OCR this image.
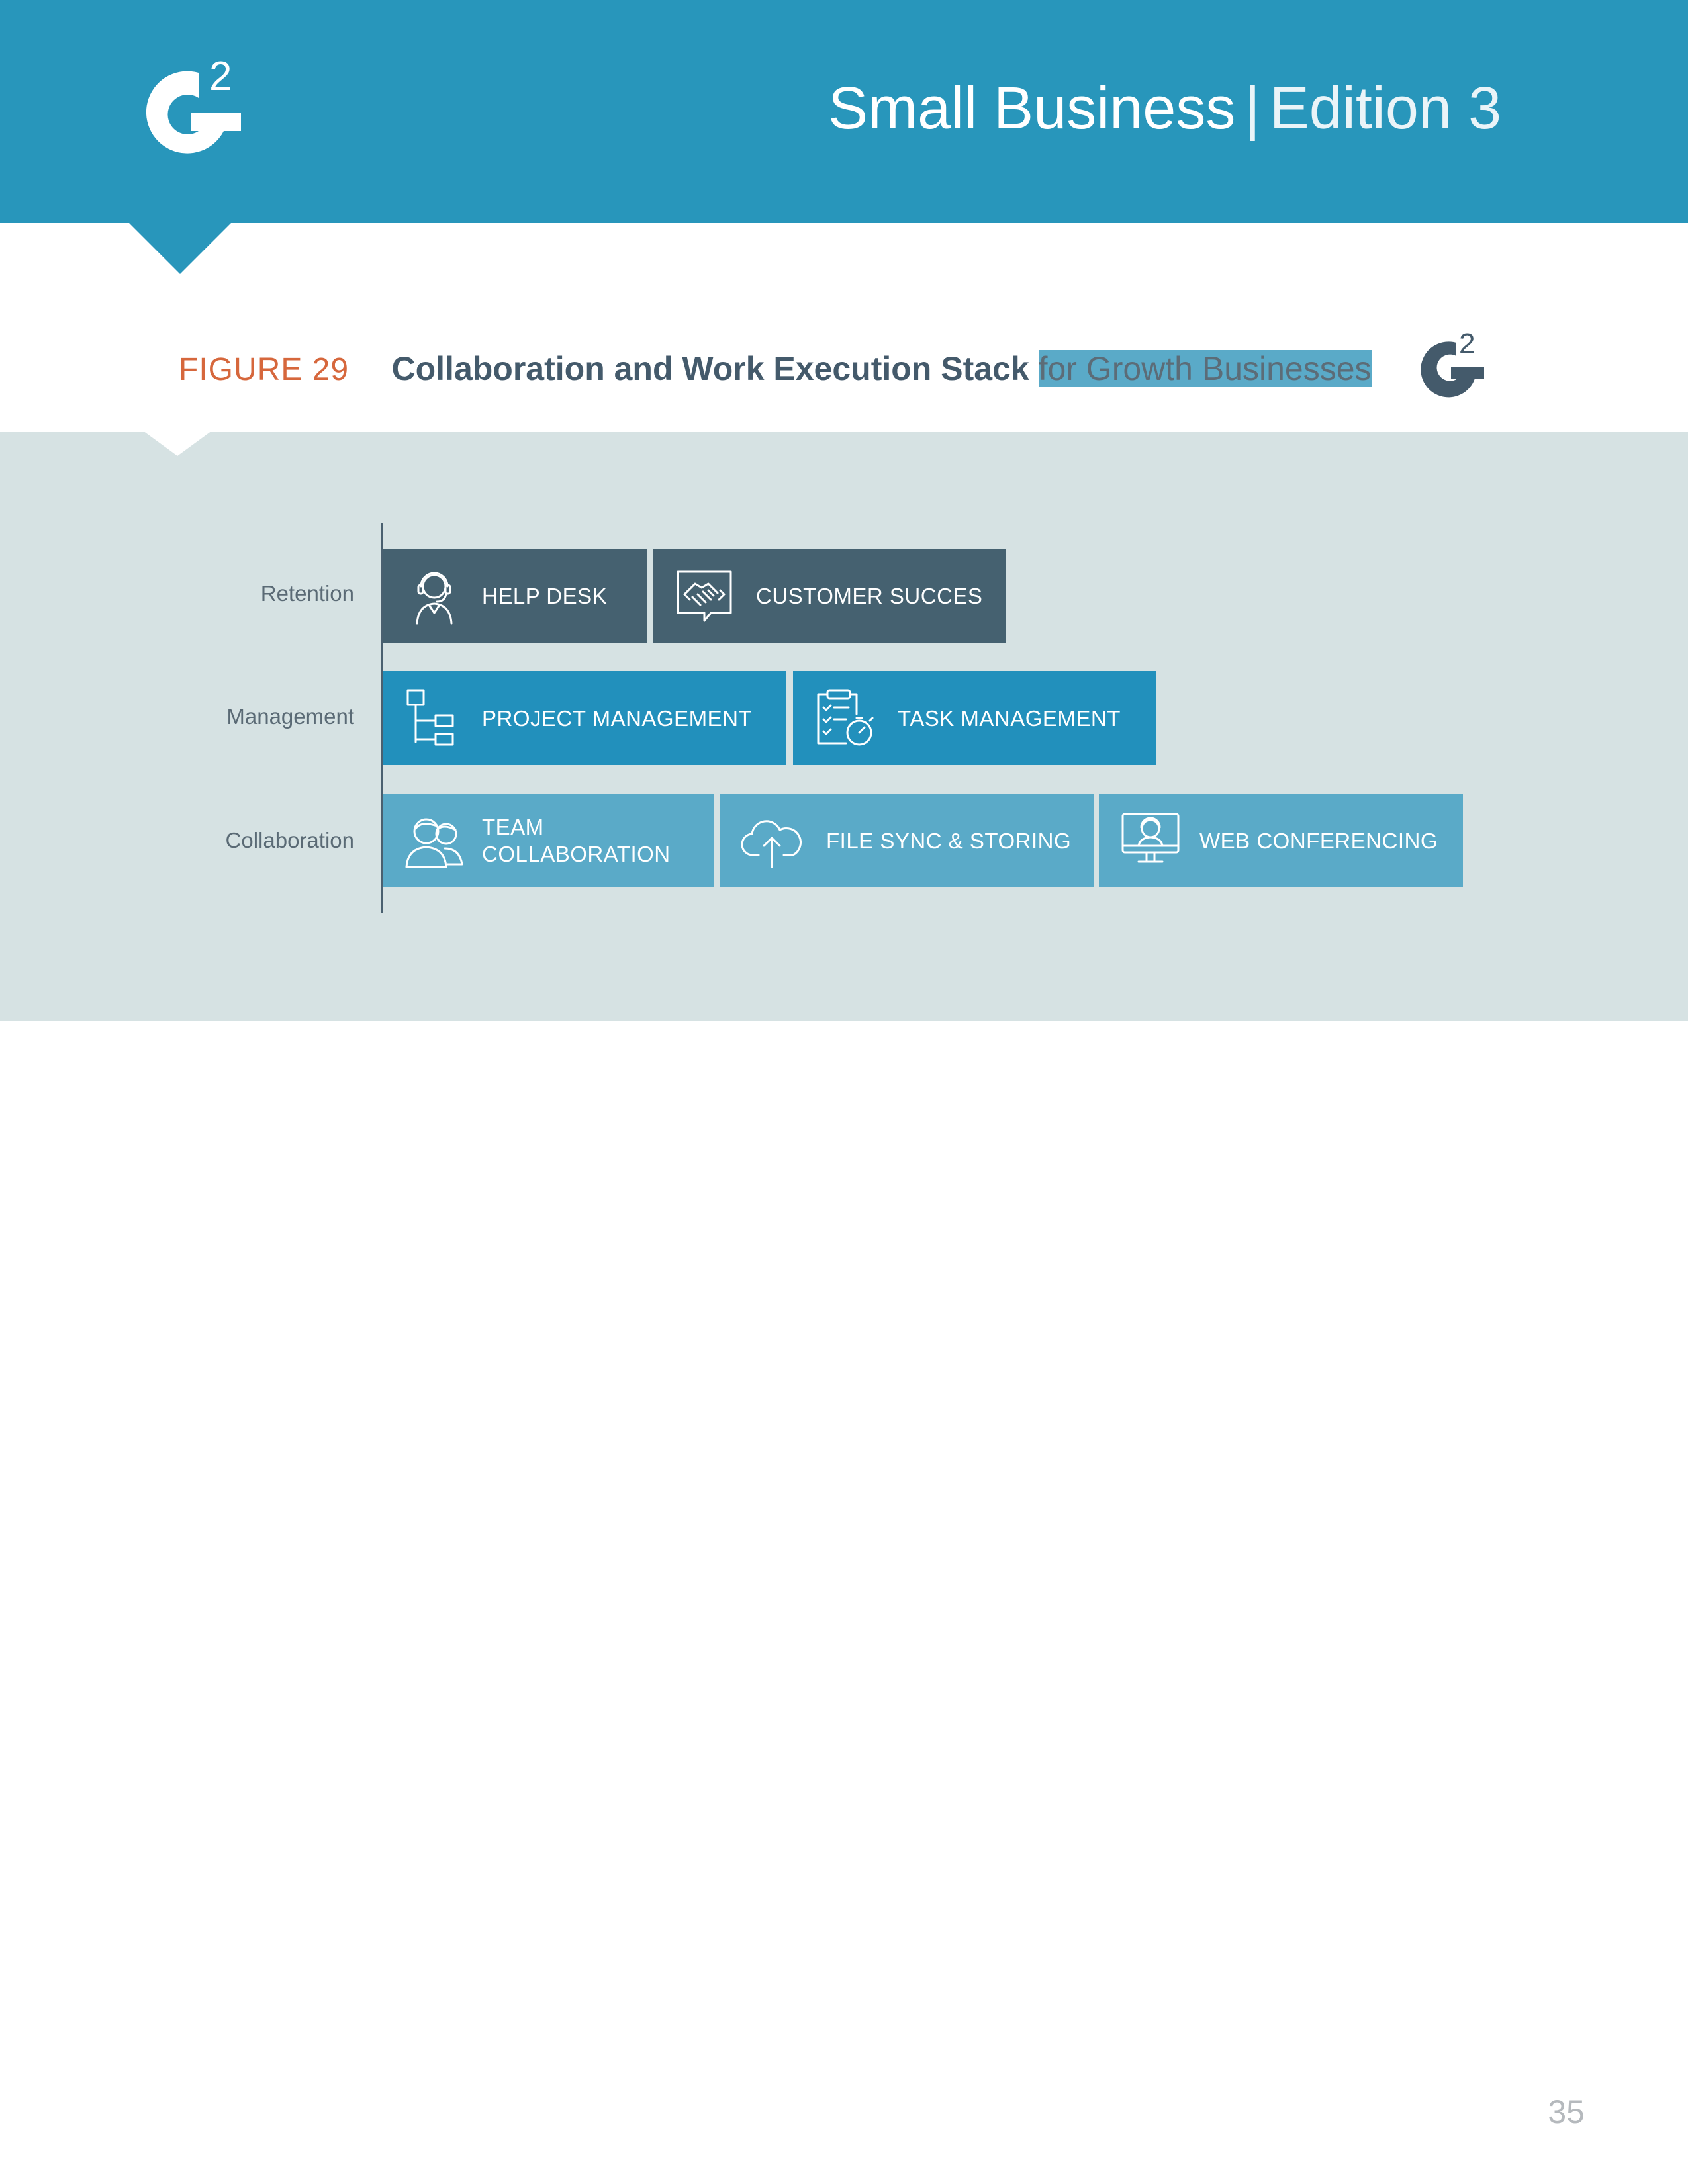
2	Small Business | Edition 3
FIGURE 29 Collaboration and Work Execution Stack for Growth Businesses
2
Retention
Management
Collaboration
HELP DESK	CUSTOMER SUCCES
PROJECT MANAGEMENT	TASK MANAGEMENT
TEAM
COLLABORATION
FILE SYNC & STORING	WEB CONFERENCING
35
